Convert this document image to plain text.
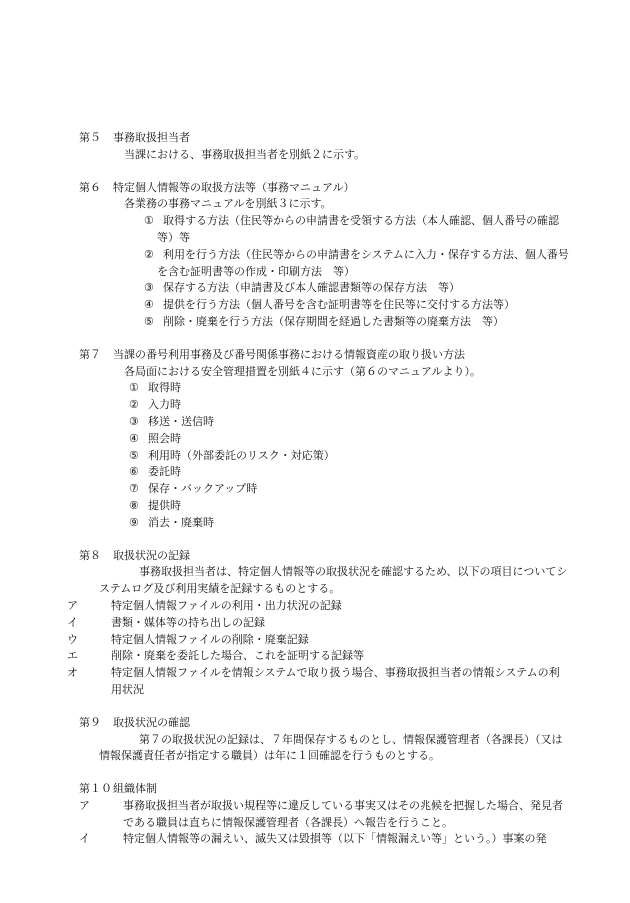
第５ 事務取扱担当者
当課における、事務取扱担当者を別紙２に示す。
第６ 特定個人情報等の取扱方法等（事務マニュアル）
各業務の事務マニュアルを別紙３に示す。
① 取得する方法（住民等からの申請書を受領する方法（本人確認、個人番号の確認等）等
② 利用を行う方法（住民等からの申請書をシステムに入力・保存する方法、個人番号を含む証明書等の作成・印刷方法　等）
③ 保存する方法（申請書及び本人確認書類等の保存方法　等）
④ 提供を行う方法（個人番号を含む証明書等を住民等に交付する方法等）
⑤ 削除・廃棄を行う方法（保存期間を経過した書類等の廃棄方法　等）
第７ 当課の番号利用事務及び番号関係事務における情報資産の取り扱い方法
各局面における安全管理措置を別紙４に示す（第６のマニュアルより）。
① 取得時
② 入力時
③ 移送・送信時
④ 照会時
⑤ 利用時（外部委託のリスク・対応策）
⑥ 委託時
⑦ 保存・バックアップ時
⑧ 提供時
⑨ 消去・廃棄時
第８ 取扱状況の記録
事務取扱担当者は、特定個人情報等の取扱状況を確認するため、以下の項目についてシステムログ及び利用実績を記録するものとする。
ア	特定個人情報ファイルの利用・出力状況の記録
イ	書類・媒体等の持ち出しの記録
ウ	特定個人情報ファイルの削除・廃棄記録
エ	削除・廃棄を委託した場合、これを証明する記録等
オ	特定個人情報ファイルを情報システムで取り扱う場合、事務取扱担当者の情報システムの利用状況
第９ 取扱状況の確認
第７の取扱状況の記録は、７年間保存するものとし、情報保護管理者（各課長）（又は情報保護責任者が指定する職員）は年に１回確認を行うものとする。
第１０組織体制
ア	事務取扱担当者が取扱い規程等に違反している事実又はその兆候を把握した場合、発見者である職員は直ちに情報保護管理者（各課長）へ報告を行うこと。
イ	特定個人情報等の漏えい、滅失又は毀損等（以下「情報漏えい等」という。）事案の発
